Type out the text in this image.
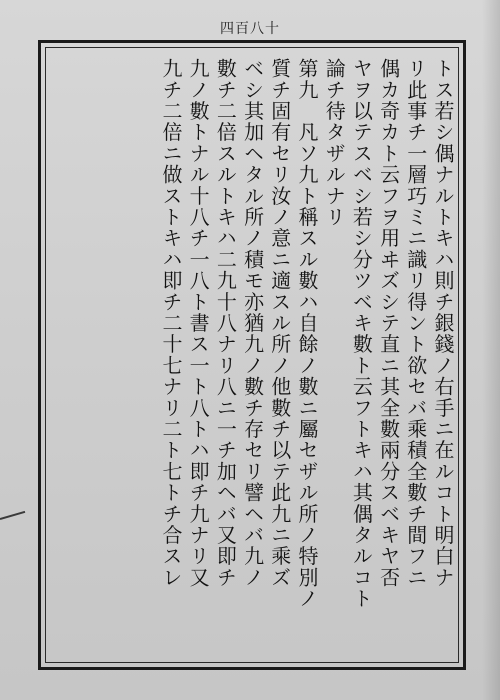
四百八十
トス若シ偶ナルトキハ則チ銀錢ノ右手ニ在ルコト明白ナ
リ此事チ一層巧ミニ識リ得ント欲セバ乘積全數チ間フニ
偶カ奇カト云フヲ用ヰズシテ直ニ其全數兩分スベキヤ否
ヤヲ以テスベシ若シ分ツベキ數ト云フトキハ其偶タルコト
論チ待タザルナリ
第九　凡ソ九ト稱スル數ハ自餘ノ數ニ屬セザル所ノ特別ノ
質チ固有セリ汝ノ意ニ適スル所ノ他數チ以テ此九ニ乘ズ
ベシ其加ヘタル所ノ積モ亦猶九ノ數チ存セリ譬ヘバ九ノ
數チ二倍スルトキハ二九十八ナリ八ニ一チ加ヘバ又即チ
九ノ數トナル十八チ一八ト書ス一ト八トハ即チ九ナリ又
九チ二倍ニ做ストキハ即チ二十七ナリ二ト七トチ合スレ
